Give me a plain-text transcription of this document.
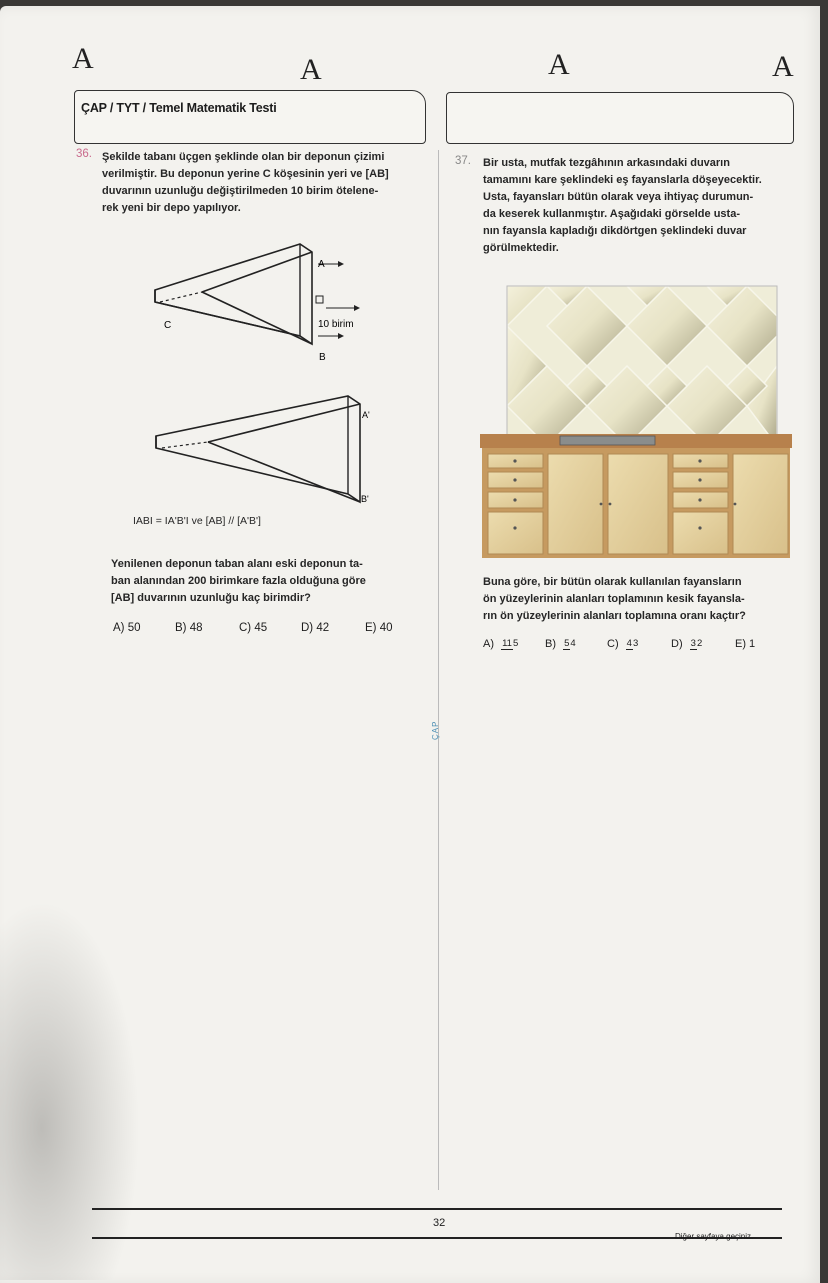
A	A	A	A
ÇAP / TYT / Temel Matematik Testi
36. Şekilde tabanı üçgen şeklinde olan bir deponun çizimi
verilmiştir. Bu deponun yerine C köşesinin yeri ve [AB]
duvarının uzunluğu değiştirilmeden 10 birim ötelene-
rek yeni bir depo yapılıyor.
A
B
C	10 birim
A'
B'
IABI = IA'B'I ve [AB] // [A'B']
Yenilenen deponun taban alanı eski deponun ta-
ban alanından 200 birimkare fazla olduğuna göre
[AB] duvarının uzunluğu kaç birimdir?
A) 50	B) 48	C) 45	D) 42	E) 40
ÇAP
37. Bir usta, mutfak tezgâhının arkasındaki duvarın
tamamını kare şeklindeki eş fayanslarla döşeyecektir.
Usta, fayansları bütün olarak veya ihtiyaç durumun-
da keserek kullanmıştır. Aşağıdaki görselde usta-
nın fayansla kapladığı dikdörtgen şeklindeki duvar
görülmektedir.
Buna göre, bir bütün olarak kullanılan fayansların
ön yüzeylerinin alanları toplamının kesik fayansla-
rın ön yüzeylerinin alanları toplamına oranı kaçtır?
A) 115	B) 54	C) 43	D) 32	E) 1
32
Diğer sayfaya geçiniz.
